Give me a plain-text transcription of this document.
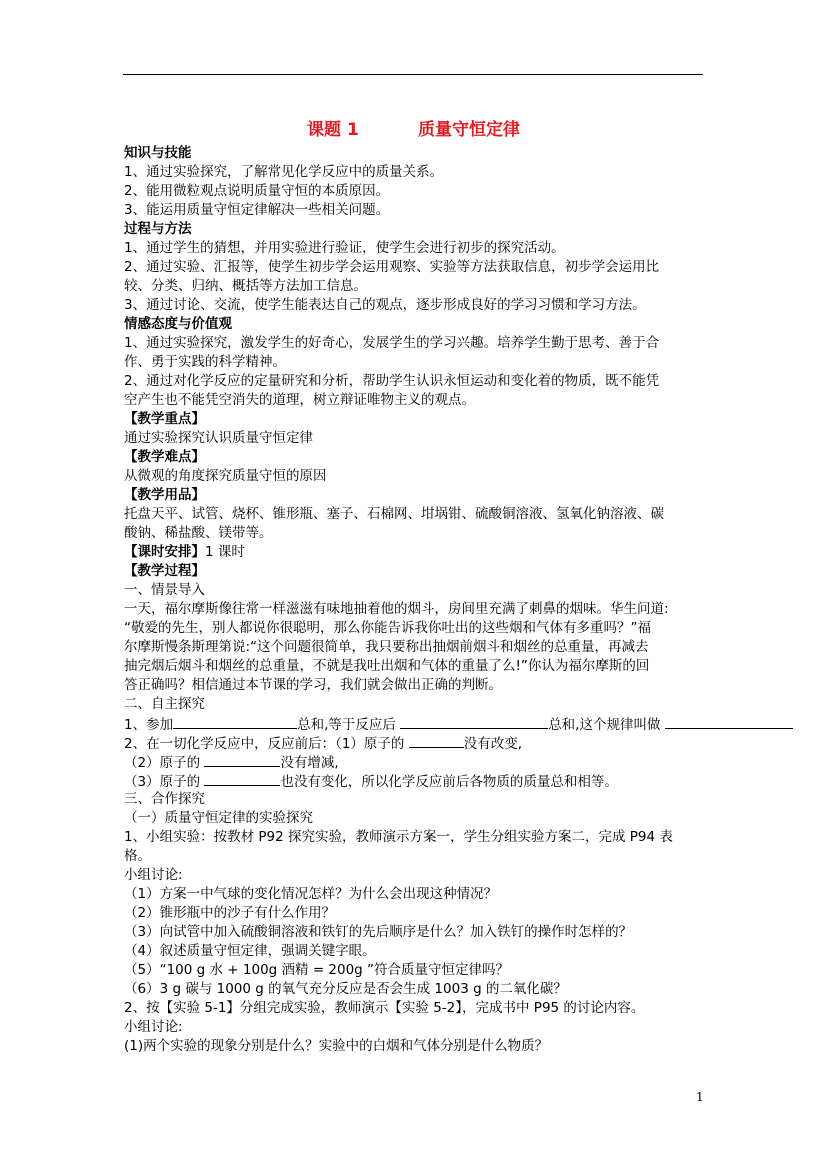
课题 1	质量守恒定律
知识与技能
1、通过实验探究，了解常见化学反应中的质量关系。
2、能用微粒观点说明质量守恒的本质原因。
3、能运用质量守恒定律解决一些相关问题。
过程与方法
1、通过学生的猜想，并用实验进行验证，使学生会进行初步的探究活动。
2、通过实验、汇报等，使学生初步学会运用观察、实验等方法获取信息，初步学会运用比
较、分类、归纳、概括等方法加工信息。
3、通过讨论、交流，使学生能表达自己的观点，逐步形成良好的学习习惯和学习方法。
情感态度与价值观
1、通过实验探究，激发学生的好奇心，发展学生的学习兴趣。培养学生勤于思考、善于合
作、勇于实践的科学精神。
2、通过对化学反应的定量研究和分析，帮助学生认识永恒运动和变化着的物质，既不能凭
空产生也不能凭空消失的道理，树立辩证唯物主义的观点。
【教学重点】
通过实验探究认识质量守恒定律
【教学难点】
从微观的角度探究质量守恒的原因
【教学用品】
托盘天平、试管、烧杯、锥形瓶、塞子、石棉网、坩埚钳、硫酸铜溶液、氢氧化钠溶液、碳
酸钠、稀盐酸、镁带等。
【课时安排】1 课时
【教学过程】
一、情景导入
一天，福尔摩斯像往常一样滋滋有味地抽着他的烟斗，房间里充满了刺鼻的烟味。华生问道:
“敬爱的先生，别人都说你很聪明，那么你能告诉我你吐出的这些烟和气体有多重吗？”福
尔摩斯慢条斯理第说:“这个问题很简单，我只要称出抽烟前烟斗和烟丝的总重量，再减去
抽完烟后烟斗和烟丝的总重量，不就是我吐出烟和气体的重量了么!”你认为福尔摩斯的回
答正确吗？相信通过本节课的学习，我们就会做出正确的判断。
二、自主探究
1、参加	总和,等于反应后	总和,这个规律叫做
2、在一切化学反应中，反应前后：（1）原子的	没有改变,
（2）原子的	没有增减,
（3）原子的	也没有变化，所以化学反应前后各物质的质量总和相等。
三、合作探究
（一）质量守恒定律的实验探究
1、小组实验：按教材 P92 探究实验，教师演示方案一，学生分组实验方案二，完成 P94 表
格。
小组讨论:
（1）方案一中气球的变化情况怎样？为什么会出现这种情况？
（2）锥形瓶中的沙子有什么作用？
（3）向试管中加入硫酸铜溶液和铁钉的先后顺序是什么？加入铁钉的操作时怎样的？
（4）叙述质量守恒定律，强调关键字眼。
（5）“100 g 水 + 100g 酒精 = 200g ”符合质量守恒定律吗？
（6）3 g 碳与 1000 g 的氧气充分反应是否会生成 1003 g 的二氧化碳？
2、按【实验 5-1】分组完成实验，教师演示【实验 5-2】，完成书中 P95 的讨论内容。
小组讨论:
(1)两个实验的现象分别是什么？实验中的白烟和气体分别是什么物质？
1
